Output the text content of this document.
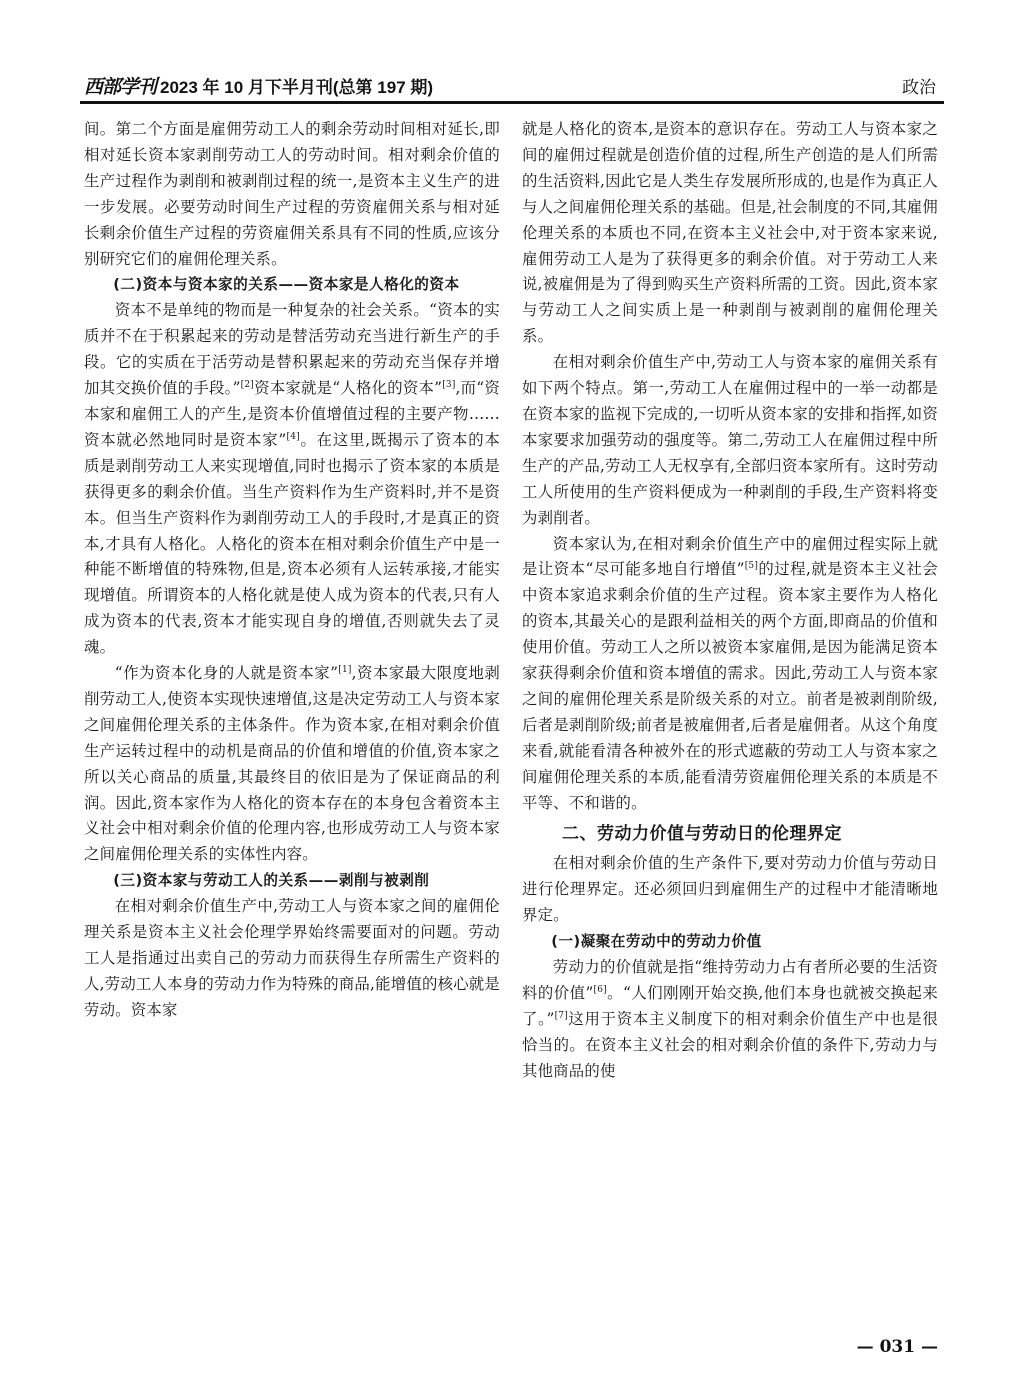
西部学刊 2023 年 10 月下半月刊(总第 197 期)	政治

间。第二个方面是雇佣劳动工人的剩余劳动时间相对延长,即相对延长资本家剥削劳动工人的劳动时间。相对剩余价值的生产过程作为剥削和被剥削过程的统一,是资本主义生产的进一步发展。必要劳动时间生产过程的劳资雇佣关系与相对延长剩余价值生产过程的劳资雇佣关系具有不同的性质,应该分别研究它们的雇佣伦理关系。

(二)资本与资本家的关系——资本家是人格化的资本

资本不是单纯的物而是一种复杂的社会关系。“资本的实质并不在于积累起来的劳动是替活劳动充当进行新生产的手段。它的实质在于活劳动是替积累起来的劳动充当保存并增加其交换价值的手段。”[2]资本家就是“人格化的资本”[3],而“资本家和雇佣工人的产生,是资本价值增值过程的主要产物……资本就必然地同时是资本家”[4]。在这里,既揭示了资本的本质是剥削劳动工人来实现增值,同时也揭示了资本家的本质是获得更多的剩余价值。当生产资料作为生产资料时,并不是资本。但当生产资料作为剥削劳动工人的手段时,才是真正的资本,才具有人格化。人格化的资本在相对剩余价值生产中是一种能不断增值的特殊物,但是,资本必须有人运转承接,才能实现增值。所谓资本的人格化就是使人成为资本的代表,只有人成为资本的代表,资本才能实现自身的增值,否则就失去了灵魂。

“作为资本化身的人就是资本家”[1],资本家最大限度地剥削劳动工人,使资本实现快速增值,这是决定劳动工人与资本家之间雇佣伦理关系的主体条件。作为资本家,在相对剩余价值生产运转过程中的动机是商品的价值和增值的价值,资本家之所以关心商品的质量,其最终目的依旧是为了保证商品的利润。因此,资本家作为人格化的资本存在的本身包含着资本主义社会中相对剩余价值的伦理内容,也形成劳动工人与资本家之间雇佣伦理关系的实体性内容。

(三)资本家与劳动工人的关系——剥削与被剥削

在相对剩余价值生产中,劳动工人与资本家之间的雇佣伦理关系是资本主义社会伦理学界始终需要面对的问题。劳动工人是指通过出卖自己的劳动力而获得生存所需生产资料的人,劳动工人本身的劳动力作为特殊的商品,能增值的核心就是劳动。资本家

就是人格化的资本,是资本的意识存在。劳动工人与资本家之间的雇佣过程就是创造价值的过程,所生产创造的是人们所需的生活资料,因此它是人类生存发展所形成的,也是作为真正人与人之间雇佣伦理关系的基础。但是,社会制度的不同,其雇佣伦理关系的本质也不同,在资本主义社会中,对于资本家来说,雇佣劳动工人是为了获得更多的剩余价值。对于劳动工人来说,被雇佣是为了得到购买生产资料所需的工资。因此,资本家与劳动工人之间实质上是一种剥削与被剥削的雇佣伦理关系。

在相对剩余价值生产中,劳动工人与资本家的雇佣关系有如下两个特点。第一,劳动工人在雇佣过程中的一举一动都是在资本家的监视下完成的,一切听从资本家的安排和指挥,如资本家要求加强劳动的强度等。第二,劳动工人在雇佣过程中所生产的产品,劳动工人无权享有,全部归资本家所有。这时劳动工人所使用的生产资料便成为一种剥削的手段,生产资料将变为剥削者。

资本家认为,在相对剩余价值生产中的雇佣过程实际上就是让资本“尽可能多地自行增值”[5]的过程,就是资本主义社会中资本家追求剩余价值的生产过程。资本家主要作为人格化的资本,其最关心的是跟利益相关的两个方面,即商品的价值和使用价值。劳动工人之所以被资本家雇佣,是因为能满足资本家获得剩余价值和资本增值的需求。因此,劳动工人与资本家之间的雇佣伦理关系是阶级关系的对立。前者是被剥削阶级,后者是剥削阶级;前者是被雇佣者,后者是雇佣者。从这个角度来看,就能看清各种被外在的形式遮蔽的劳动工人与资本家之间雇佣伦理关系的本质,能看清劳资雇佣伦理关系的本质是不平等、不和谐的。

二、劳动力价值与劳动日的伦理界定

在相对剩余价值的生产条件下,要对劳动力价值与劳动日进行伦理界定。还必须回归到雇佣生产的过程中才能清晰地界定。

(一)凝聚在劳动中的劳动力价值

劳动力的价值就是指“维持劳动力占有者所必要的生活资料的价值”[6]。“人们刚刚开始交换,他们本身也就被交换起来了。”[7]这用于资本主义制度下的相对剩余价值生产中也是很恰当的。在资本主义社会的相对剩余价值的条件下,劳动力与其他商品的使

— 031 —
